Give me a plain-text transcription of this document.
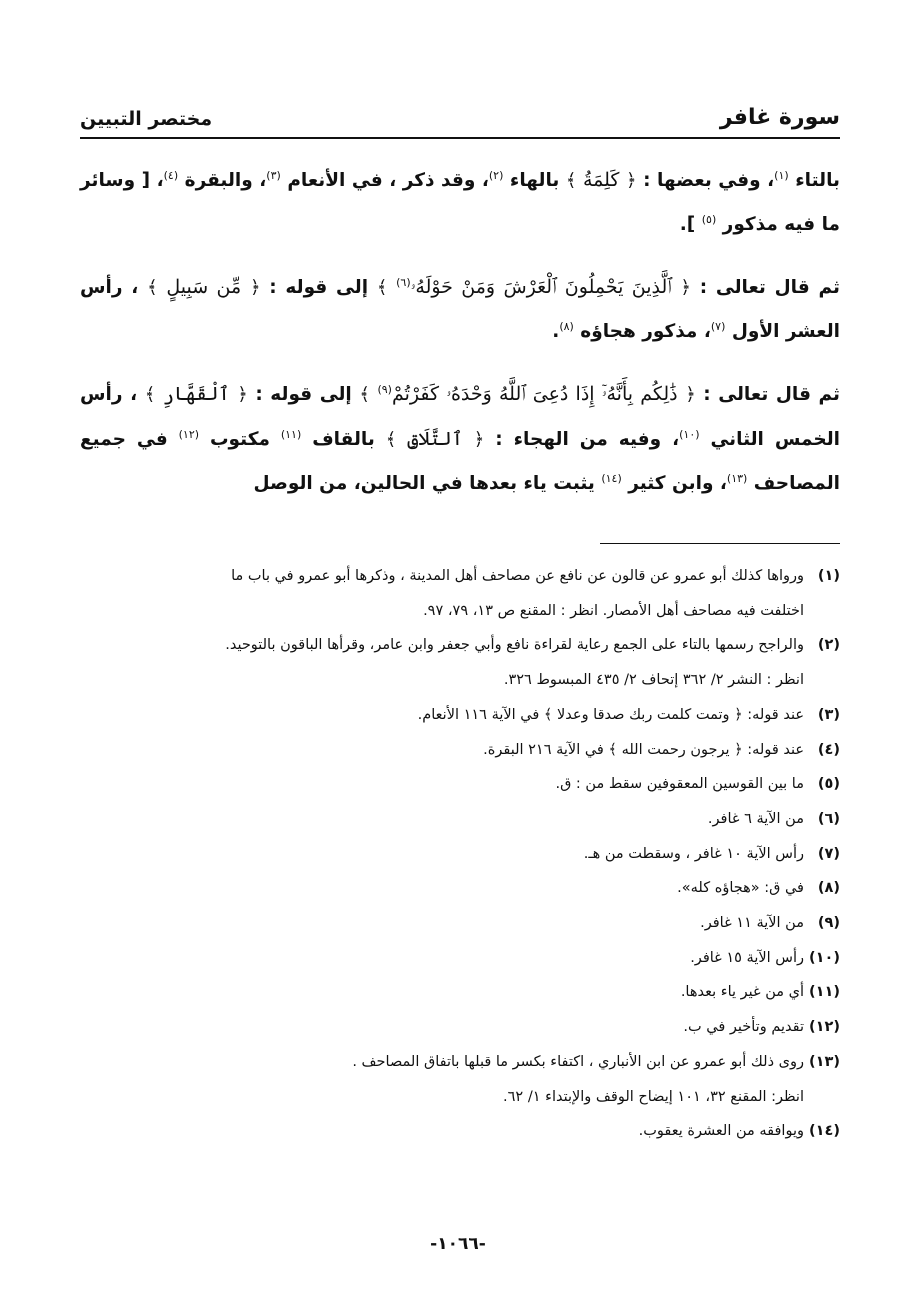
سورة غافر
مختصر التبيين

بالتاء $^{(١)}$، وفي بعضها : ﴿ كَلِمَةُ ﴾ بالهاء $^{(٢)}$، وقد ذكر ، في الأنعام $^{(٣)}$، والبقرة $^{(٤)}$، [ وسائر ما فيه مذكور $^{(٥)}$ ].

ثم قال تعالى : ﴿ ٱلَّذِينَ يَحْمِلُونَ ٱلْعَرْشَ وَمَنْ حَوْلَهُۥ$^{(٦)}$ ﴾ إلى قوله : ﴿ مِّن سَبِيلٍ ﴾ ، رأس العشر الأول $^{(٧)}$، مذكور هجاؤه $^{(٨)}$.

ثم قال تعالى : ﴿ ذَٰلِكُم بِأَنَّهُۥٓ إِذَا دُعِىَ ٱللَّهُ وَحْدَهُۥ كَفَرْتُمْ$^{(٩)}$ ﴾ إلى قوله : ﴿ ٱلْقَهَّارِ ﴾ ، رأس الخمس الثاني $^{(١٠)}$، وفيه من الهجاء : ﴿ ٱلتَّلَاقِ ﴾ بالقاف $^{(١١)}$ مكتوب $^{(١٢)}$ في جميع المصاحف $^{(١٣)}$، وابن كثير $^{(١٤)}$ يثبت ياء بعدها في الحالين، من الوصل

(١)
ورواها كذلك أبو عمرو عن قالون عن نافع عن مصاحف أهل المدينة ، وذكرها أبو عمرو في باب ما
اختلفت فيه مصاحف أهل الأمصار. انظر : المقنع ص ١٣، ٧٩، ٩٧.
(٢)
والراجح رسمها بالتاء على الجمع رعاية لقراءة نافع وأبي جعفر وابن عامر، وقرأها الباقون بالتوحيد.
انظر : النشر ٢/ ٣٦٢ إتحاف ٢/ ٤٣٥ المبسوط ٣٢٦.
(٣)
عند قوله: ﴿ وتمت كلمت ربك صدقا وعدلا ﴾ في الآية ١١٦ الأنعام.
(٤)
عند قوله: ﴿ يرجون رحمت الله ﴾ في الآية ٢١٦ البقرة.
(٥)
ما بين القوسين المعقوفين سقط من : ق.
(٦)
من الآية ٦ غافر.
(٧)
رأس الآية ١٠ غافر ، وسقطت من هـ.
(٨)
في ق: «هجاؤه كله».
(٩)
من الآية ١١ غافر.
(١٠)
رأس الآية ١٥ غافر.
(١١)
أي من غير ياء بعدها.
(١٢)
تقديم وتأخير في ب.
(١٣)
روى ذلك أبو عمرو عن ابن الأنباري ، اكتفاء بكسر ما قبلها باتفاق المصاحف .
انظر: المقنع ٣٢، ١٠١ إيضاح الوقف والإبتداء ١/ ٦٢.
(١٤)
ويوافقه من العشرة يعقوب.
-١٠٦٦-
